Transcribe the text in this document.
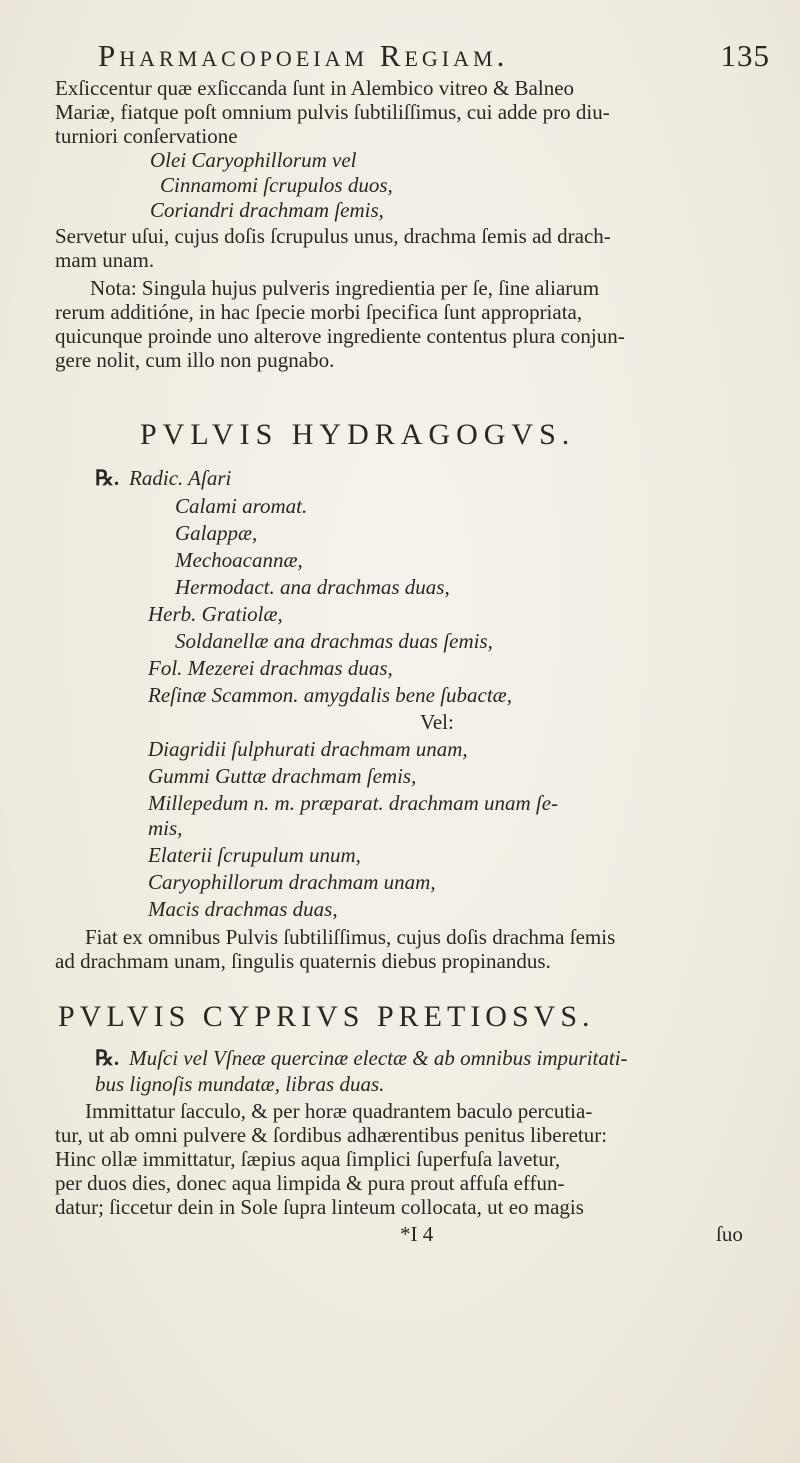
Pharmacopoeiam Regiam.	135
Exſiccentur quæ exſiccanda ſunt in Alembico vitreo & Balneo
Mariæ, fiatque poſt omnium pulvis ſubtiliſſimus, cui adde pro diu-
turniori conſervatione
Olei Caryophillorum vel
Cinnamomi ſcrupulos duos,
Coriandri drachmam ſemis,
Servetur uſui, cujus doſis ſcrupulus unus, drachma ſemis ad drach-
mam unam.
Nota: Singula hujus pulveris ingredientia per ſe, ſine aliarum
rerum additióne, in hac ſpecie morbi ſpecifica ſunt appropriata,
quicunque proinde uno alterove ingrediente contentus plura conjun-
gere nolit, cum illo non pugnabo.
PVLVIS HYDRAGOGVS.
℞. Radic. Aſari
Calami aromat.
Galappæ,
Mechoacannæ,
Hermodact. ana drachmas duas,
Herb. Gratiolæ,
Soldanellæ ana drachmas duas ſemis,
Fol. Mezerei drachmas duas,
Reſinæ Scammon. amygdalis bene ſubactæ,
Vel:
Diagridii ſulphurati drachmam unam,
Gummi Guttæ drachmam ſemis,
Millepedum n. m. præparat. drachmam unam ſe-
mis,
Elaterii ſcrupulum unum,
Caryophillorum drachmam unam,
Macis drachmas duas,
Fiat ex omnibus Pulvis ſubtiliſſimus, cujus doſis drachma ſemis
ad drachmam unam, ſingulis quaternis diebus propinandus.
PVLVIS CYPRIVS PRETIOSVS.
℞. Muſci vel Vſneæ quercinæ electæ & ab omnibus impuritati-
bus lignoſis mundatæ, libras duas.
Immittatur ſacculo, & per horæ quadrantem baculo percutia-
tur, ut ab omni pulvere & ſordibus adhærentibus penitus liberetur:
Hinc ollæ immittatur, ſæpius aqua ſimplici ſuperfuſa lavetur,
per duos dies, donec aqua limpida & pura prout affuſa effun-
datur; ſiccetur dein in Sole ſupra linteum collocata, ut eo magis
*I 4	ſuo
